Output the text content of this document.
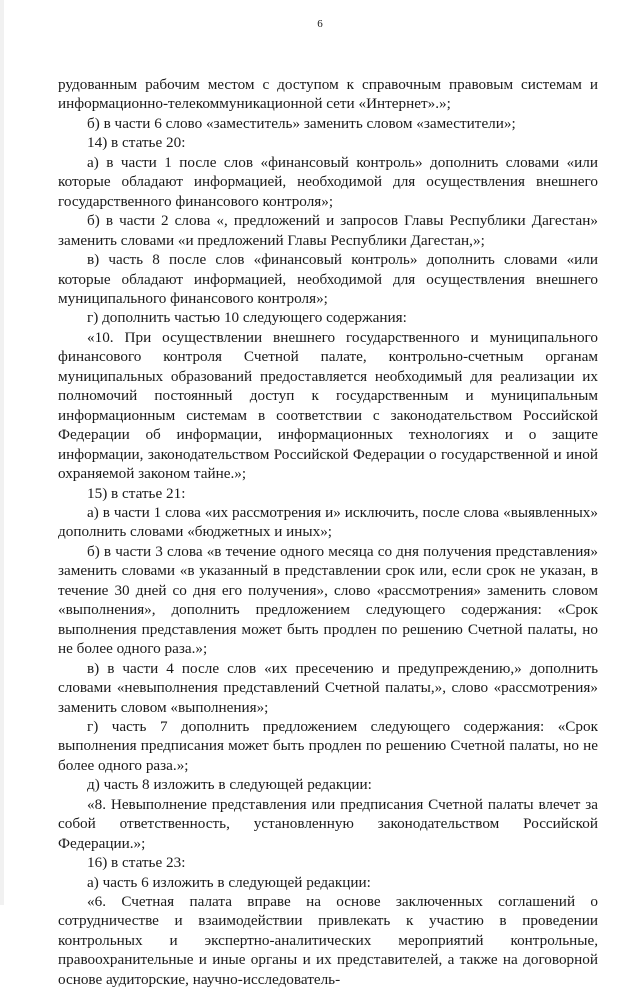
6

рудованным рабочим местом с доступом к справочным правовым системам и информационно-телекоммуникационной сети «Интернет».»;

б) в части 6 слово «заместитель» заменить словом «заместители»;

14) в статье 20:

а) в части 1 после слов «финансовый контроль» дополнить словами «или которые обладают информацией, необходимой для осуществления внешнего государственного финансового контроля»;

б) в части 2 слова «, предложений и запросов Главы Республики Дагестан» заменить словами «и предложений Главы Республики Дагестан,»;

в) часть 8 после слов «финансовый контроль» дополнить словами «или которые обладают информацией, необходимой для осуществления внешнего муниципального финансового контроля»;

г) дополнить частью 10 следующего содержания:

«10. При осуществлении внешнего государственного и муниципального финансового контроля Счетной палате, контрольно-счетным органам муниципальных образований предоставляется необходимый для реализации их полномочий постоянный доступ к государственным и муниципальным информационным системам в соответствии с законодательством Российской Федерации об информации, информационных технологиях и о защите информации, законодательством Российской Федерации о государственной и иной охраняемой законом тайне.»;

15) в статье 21:

а) в части 1 слова «их рассмотрения и» исключить, после слова «выявленных» дополнить словами «бюджетных и иных»;

б) в части 3 слова «в течение одного месяца со дня получения представления» заменить словами «в указанный в представлении срок или, если срок не указан, в течение 30 дней со дня его получения», слово «рассмотрения» заменить словом «выполнения», дополнить предложением следующего содержания: «Срок выполнения представления может быть продлен по решению Счетной палаты, но не более одного раза.»;

в) в части 4 после слов «их пресечению и предупреждению,» дополнить словами «невыполнения представлений Счетной палаты,», слово «рассмотрения» заменить словом «выполнения»;

г) часть 7 дополнить предложением следующего содержания: «Срок выполнения предписания может быть продлен по решению Счетной палаты, но не более одного раза.»;

д) часть 8 изложить в следующей редакции:

«8. Невыполнение представления или предписания Счетной палаты влечет за собой ответственность, установленную законодательством Российской Федерации.»;

16) в статье 23:

а) часть 6 изложить в следующей редакции:

«6. Счетная палата вправе на основе заключенных соглашений о сотрудничестве и взаимодействии привлекать к участию в проведении контрольных и экспертно-аналитических мероприятий контрольные, правоохранительные и иные органы и их представителей, а также на договорной основе аудиторские, научно-исследователь-
